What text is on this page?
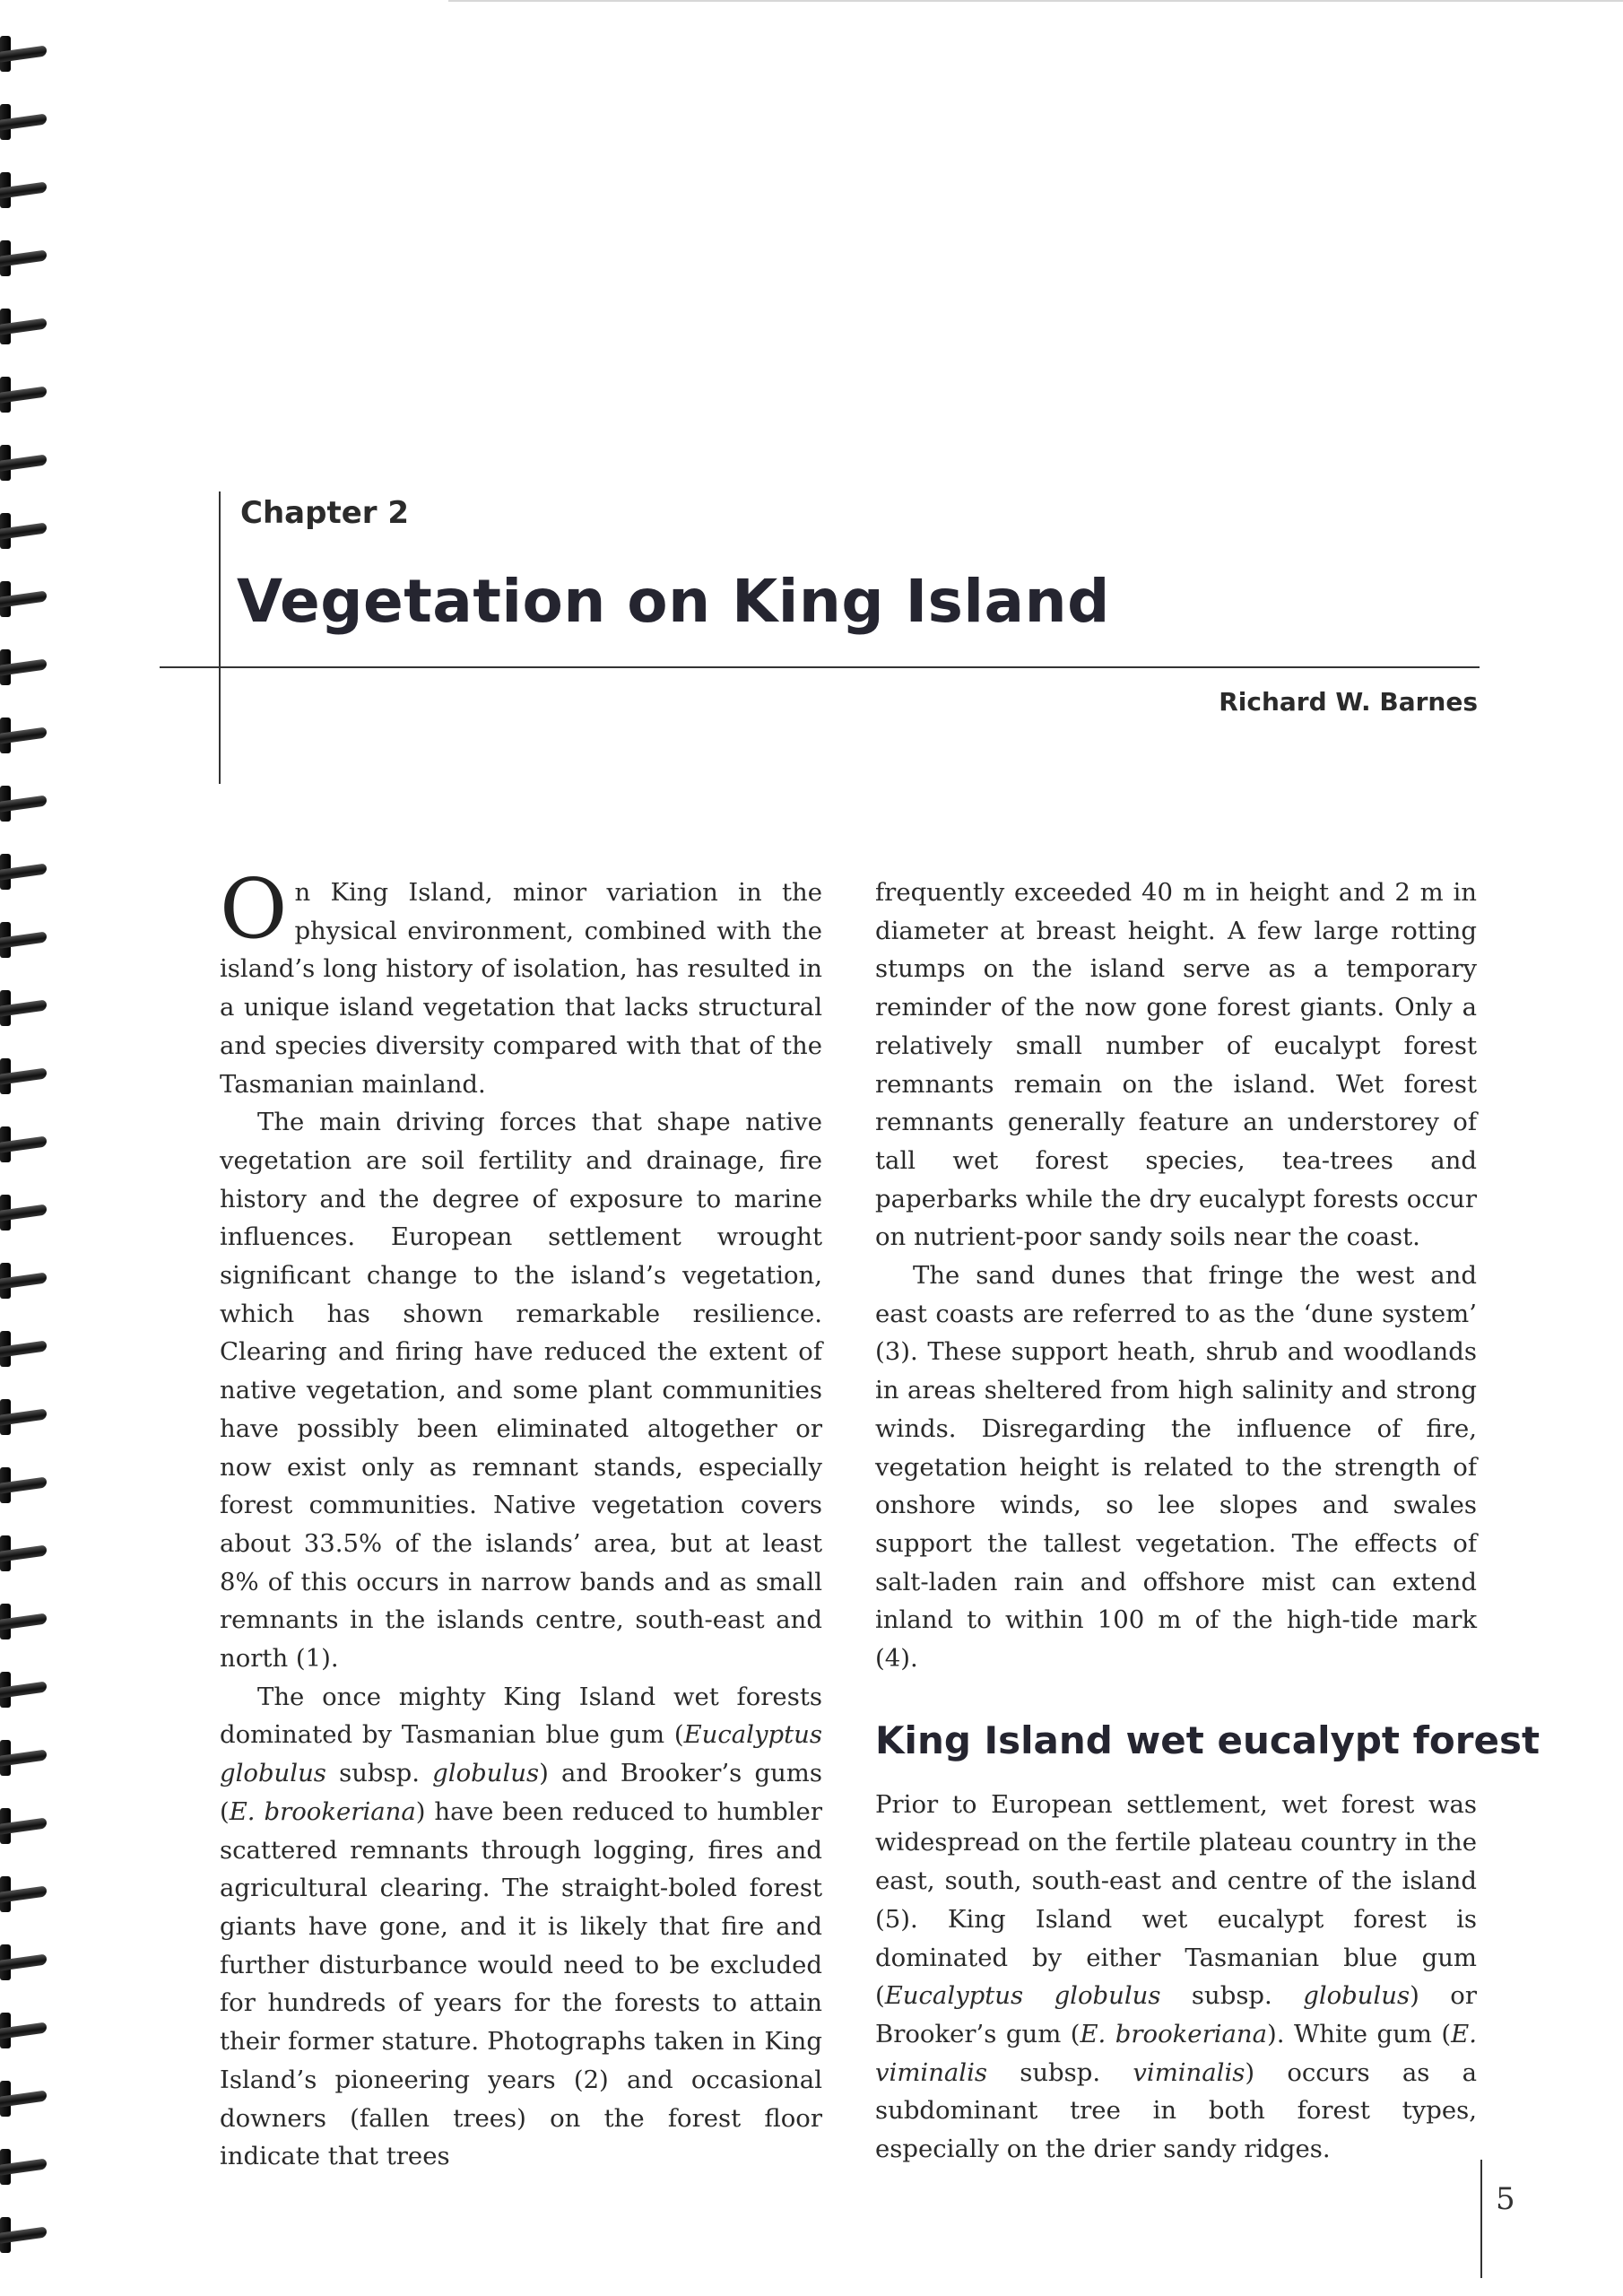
Chapter 2
Vegetation on King Island
Richard W. Barnes

On King Island, minor variation in the physical environment, combined with the island’s long history of isolation, has resulted in a unique island vegetation that lacks structural and species diversity compared with that of the Tasmanian mainland.

The main driving forces that shape native vegetation are soil fertility and drainage, fire history and the degree of exposure to marine influences. European settlement wrought significant change to the island’s vegetation, which has shown remarkable resilience. Clearing and firing have reduced the extent of native vegetation, and some plant communities have possibly been eliminated altogether or now exist only as remnant stands, especially forest communities. Native vegetation covers about 33.5% of the islands’ area, but at least 8% of this occurs in narrow bands and as small remnants in the islands centre, south-east and north (1).

The once mighty King Island wet forests dominated by Tasmanian blue gum (Eucalyptus globulus subsp. globulus) and Brooker’s gums (E. brookeriana) have been reduced to humbler scattered remnants through logging, fires and agricultural clearing. The straight-boled forest giants have gone, and it is likely that fire and further disturbance would need to be excluded for hundreds of years for the forests to attain their former stature. Photographs taken in King Island’s pioneering years (2) and occasional downers (fallen trees) on the forest floor indicate that trees

frequently exceeded 40 m in height and 2 m in diameter at breast height. A few large rotting stumps on the island serve as a temporary reminder of the now gone forest giants. Only a relatively small number of eucalypt forest remnants remain on the island. Wet forest remnants generally feature an understorey of tall wet forest species, tea-trees and paperbarks while the dry eucalypt forests occur on nutrient-poor sandy soils near the coast.

The sand dunes that fringe the west and east coasts are referred to as the ‘dune system’ (3). These support heath, shrub and woodlands in areas sheltered from high salinity and strong winds. Disregarding the influence of fire, vegetation height is related to the strength of onshore winds, so lee slopes and swales support the tallest vegetation. The effects of salt-laden rain and offshore mist can extend inland to within 100 m of the high-tide mark (4).

King Island wet eucalypt forest

Prior to European settlement, wet forest was widespread on the fertile plateau country in the east, south, south-east and centre of the island (5). King Island wet eucalypt forest is dominated by either Tasmanian blue gum (Eucalyptus globulus subsp. globulus) or Brooker’s gum (E. brookeriana). White gum (E. viminalis subsp. viminalis) occurs as a subdominant tree in both forest types, especially on the drier sandy ridges.

5
